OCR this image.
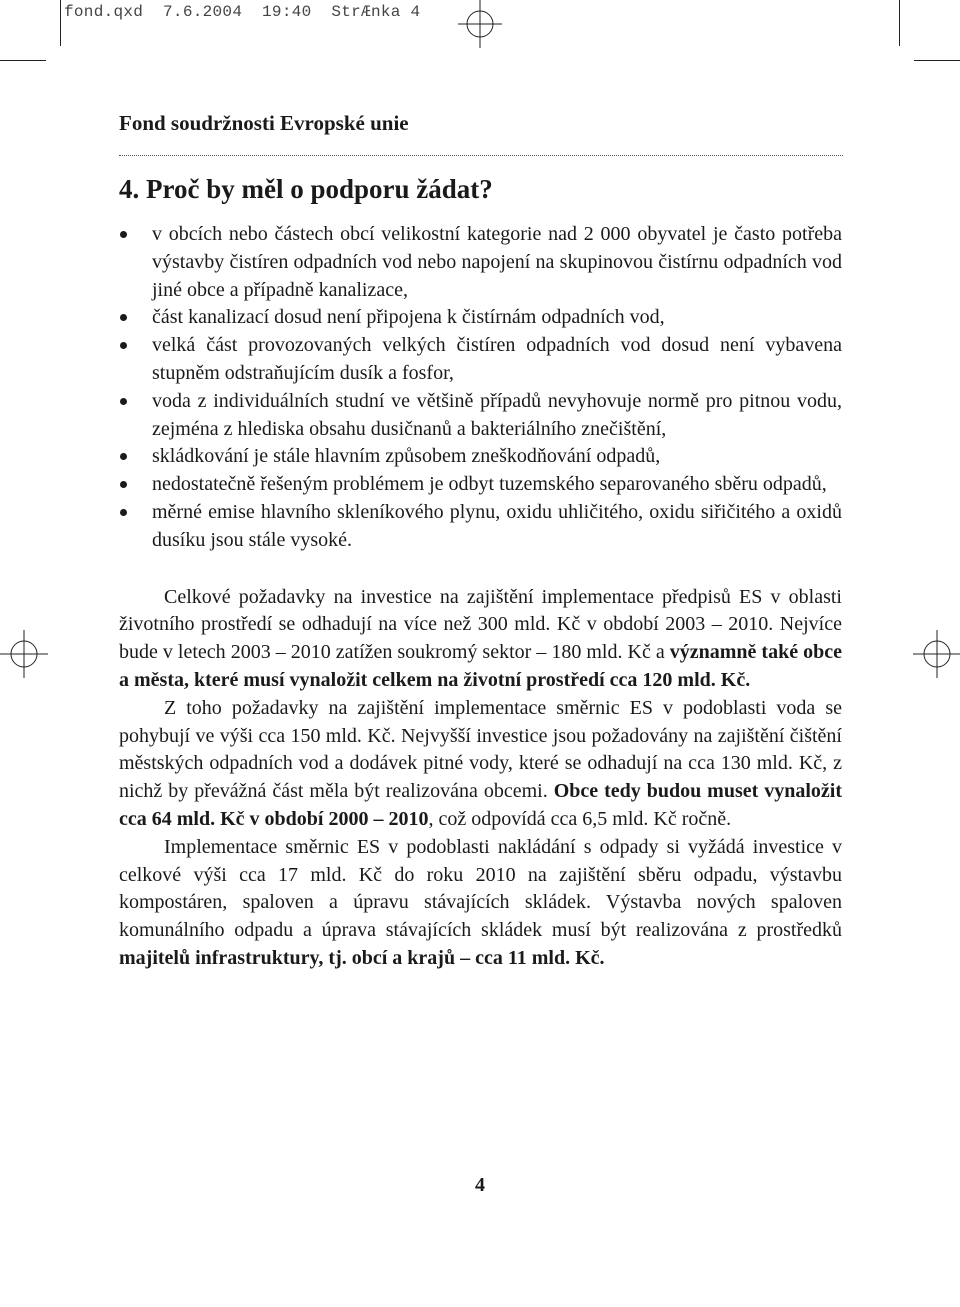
fond.qxd  7.6.2004  19:40  StrÆnka 4
Fond soudržnosti Evropské unie
4. Proč by měl o podporu žádat?
v obcích nebo částech obcí velikostní kategorie nad 2 000 obyvatel je často potřeba výstavby čistíren odpadních vod nebo napojení na skupinovou čistírnu odpadních vod jiné obce a případně kanalizace,
část kanalizací dosud není připojena k čistírnám odpadních vod,
velká část provozovaných velkých čistíren odpadních vod dosud není vybavena stupněm odstraňujícím dusík a fosfor,
voda z individuálních studní ve většině případů nevyhovuje normě pro pitnou vodu, zejména z hlediska obsahu dusičnanů a bakteriálního znečištění,
skládkování je stále hlavním způsobem zneškodňování odpadů,
nedostatečně řešeným problémem je odbyt tuzemského separovaného sběru odpadů,
měrné emise hlavního skleníkového plynu, oxidu uhličitého, oxidu siřičitého a oxidů dusíku jsou stále vysoké.

Celkové požadavky na investice na zajištění implementace předpisů ES v oblasti životního prostředí se odhadují na více než 300 mld. Kč v období 2003 – 2010. Nejvíce bude v letech 2003 – 2010 zatížen soukromý sektor – 180 mld. Kč a významně také obce a města, které musí vynaložit celkem na životní prostředí cca 120 mld. Kč.

Z toho požadavky na zajištění implementace směrnic ES v podoblasti voda se pohybují ve výši cca 150 mld. Kč. Nejvyšší investice jsou požadovány na zajištění čištění městských odpadních vod a dodávek pitné vody, které se odhadují na cca 130 mld. Kč, z nichž by převážná část měla být realizována obcemi. Obce tedy budou muset vynaložit cca 64 mld. Kč v období 2000 – 2010, což odpovídá cca 6,5 mld. Kč ročně.

Implementace směrnic ES v podoblasti nakládání s odpady si vyžádá investice v celkové výši cca 17 mld. Kč do roku 2010 na zajištění sběru odpadu, výstavbu kompostáren, spaloven a úpravu stávajících skládek. Výstavba nových spaloven komunálního odpadu a úprava stávajících skládek musí být realizována z prostředků majitelů infrastruktury, tj. obcí a krajů – cca 11 mld. Kč.

4
